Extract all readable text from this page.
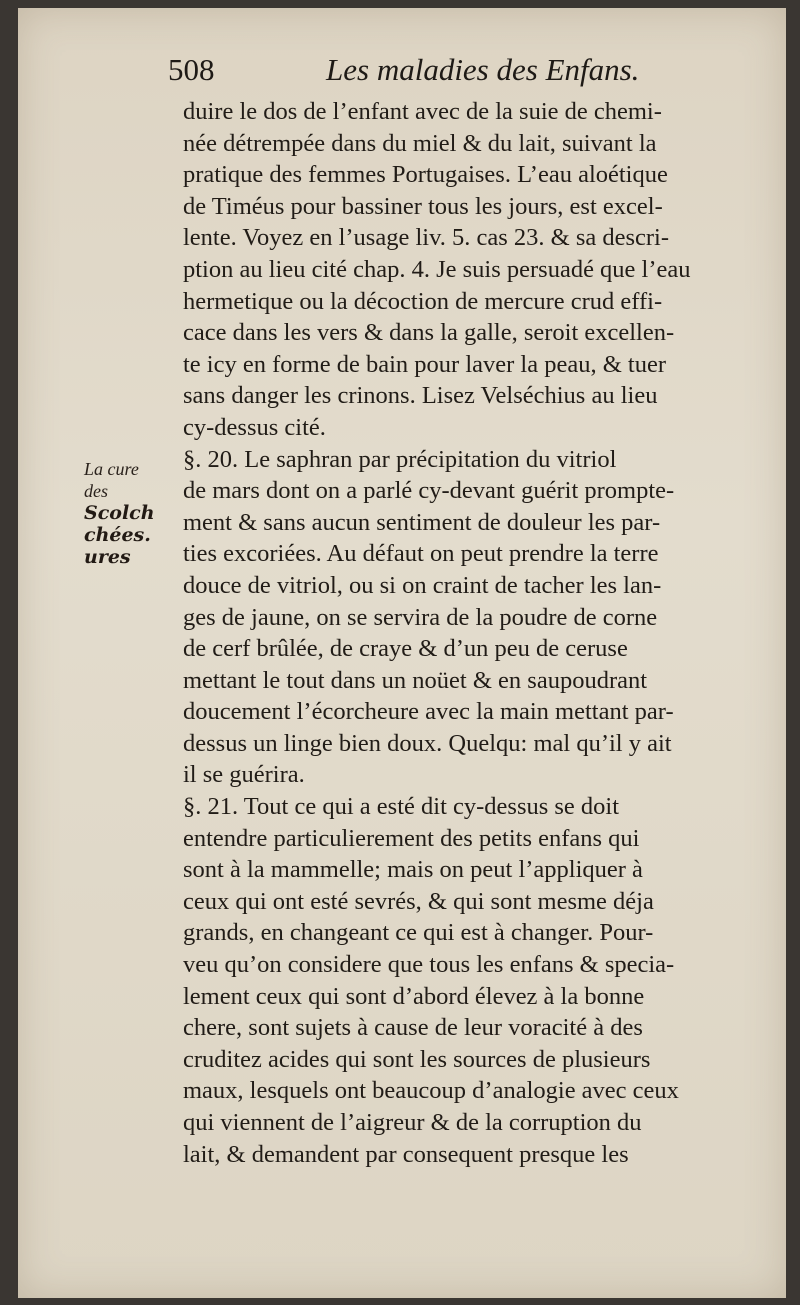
508	Les maladies des Enfans.
La cure
des
Scolch
chées.
ures
duire le dos de l’enfant avec de la suie de chemi-
née détrempée dans du miel & du lait, suivant la
pratique des femmes Portugaises. L’eau aloétique
de Timéus pour bassiner tous les jours, est excel-
lente. Voyez en l’usage liv. 5. cas 23. & sa descri-
ption au lieu cité chap. 4. Je suis persuadé que l’eau
hermetique ou la décoction de mercure crud effi-
cace dans les vers & dans la galle, seroit excellen-
te icy en forme de bain pour laver la peau, & tuer
sans danger les crinons. Lisez Velséchius au lieu
cy-dessus cité.
§. 20. Le saphran par précipitation du vitriol
de mars dont on a parlé cy-devant guérit prompte-
ment & sans aucun sentiment de douleur les par-
ties excoriées. Au défaut on peut prendre la terre
douce de vitriol, ou si on craint de tacher les lan-
ges de jaune, on se servira de la poudre de corne
de cerf brûlée, de craye & d’un peu de ceruse
mettant le tout dans un noüet & en saupoudrant
doucement l’écorcheure avec la main mettant par-
dessus un linge bien doux. Quelqu: mal qu’il y ait
il se guérira.
§. 21. Tout ce qui a esté dit cy-dessus se doit
entendre particulierement des petits enfans qui
sont à la mammelle; mais on peut l’appliquer à
ceux qui ont esté sevrés, & qui sont mesme déja
grands, en changeant ce qui est à changer. Pour-
veu qu’on considere que tous les enfans & specia-
lement ceux qui sont d’abord élevez à la bonne
chere, sont sujets à cause de leur voracité à des
cruditez acides qui sont les sources de plusieurs
maux, lesquels ont beaucoup d’analogie avec ceux
qui viennent de l’aigreur & de la corruption du
lait, & demandent par consequent presque les
